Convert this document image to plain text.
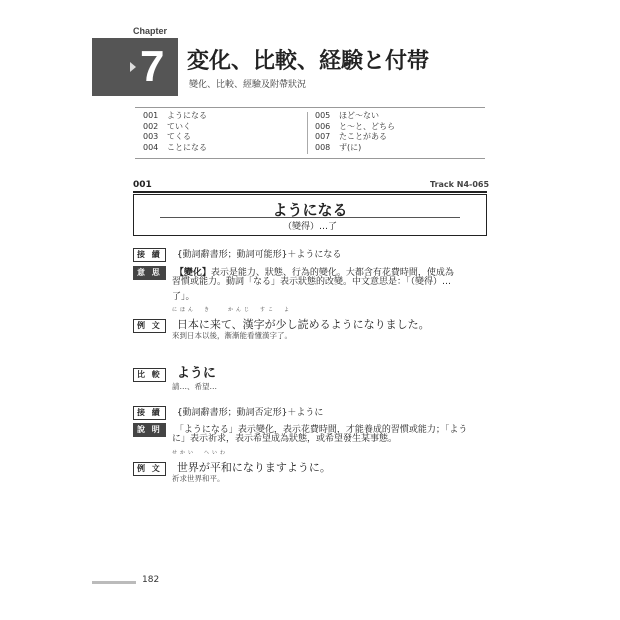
Chapter
7 変化、比較、経験と付帯
變化、比較、經驗及附帶狀況
001	ようになる
002	ていく
003	てくる
004	ことになる
005	ほど～ない
006	と～と、どちら
007	たことがある
008	ず(に)
001	Track N4-065
ようになる
（變得）…了
接 續 {動詞辭書形；動詞可能形}＋ようになる
意 思 【變化】表示是能力、狀態、行為的變化。大都含有花費時間，使成為
習慣或能力。動詞「なる」表示狀態的改變。中文意思是：「（變得）…
了」。
にほん　き　　かんじ　すこ　よ
例 文 日本に来て、漢字が少し読めるようになりました。
來到日本以後，漸漸能看懂漢字了。
比 較 ように
請…、希望…
接 續 {動詞辭書形；動詞否定形}＋ように
說 明 「ようになる」表示變化，表示花費時間，才能養成的習慣或能力；「よう
に」表示祈求，表示希望成為狀態，或希望發生某事態。
せかい　へいわ
例 文 世界が平和になりますように。
祈求世界和平。
182
